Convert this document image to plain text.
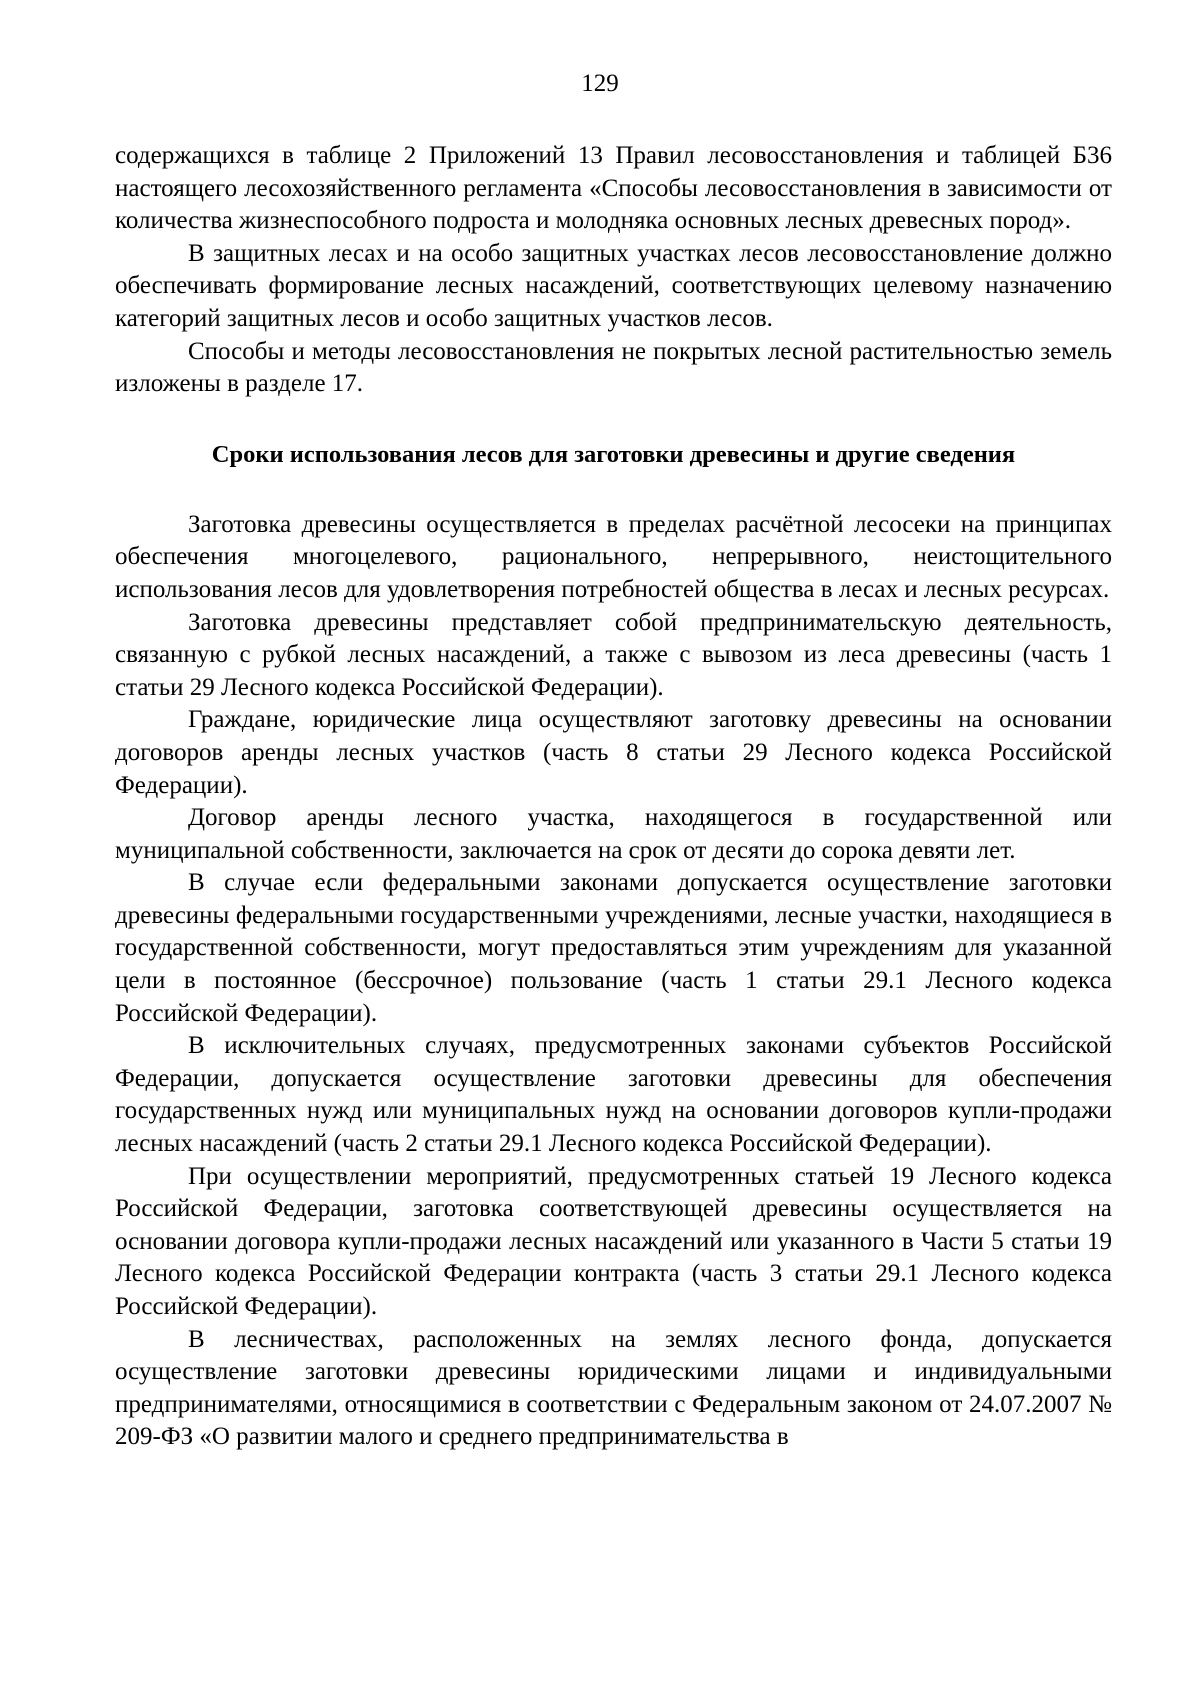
129

содержащихся в таблице 2 Приложений 13 Правил лесовосстановления и таблицей Б36 настоящего лесохозяйственного регламента «Способы лесовосстановления в зависимости от количества жизнеспособного подроста и молодняка основных лесных древесных пород».

В защитных лесах и на особо защитных участках лесов лесовосстановление должно обеспечивать формирование лесных насаждений, соответствующих целевому назначению категорий защитных лесов и особо защитных участков лесов.

Способы и методы лесовосстановления не покрытых лесной растительностью земель изложены в разделе 17.

Сроки использования лесов для заготовки древесины и другие сведения

Заготовка древесины осуществляется в пределах расчётной лесосеки на принципах обеспечения многоцелевого, рационального, непрерывного, неистощительного использования лесов для удовлетворения потребностей общества в лесах и лесных ресурсах.

Заготовка древесины представляет собой предпринимательскую деятельность, связанную с рубкой лесных насаждений, а также с вывозом из леса древесины (часть 1 статьи 29 Лесного кодекса Российской Федерации).

Граждане, юридические лица осуществляют заготовку древесины на основании договоров аренды лесных участков (часть 8 статьи 29 Лесного кодекса Российской Федерации).

Договор аренды лесного участка, находящегося в государственной или муниципальной собственности, заключается на срок от десяти до сорока девяти лет.

В случае если федеральными законами допускается осуществление заготовки древесины федеральными государственными учреждениями, лесные участки, находящиеся в государственной собственности, могут предоставляться этим учреждениям для указанной цели в постоянное (бессрочное) пользование (часть 1 статьи 29.1 Лесного кодекса Российской Федерации).

В исключительных случаях, предусмотренных законами субъектов Российской Федерации, допускается осуществление заготовки древесины для обеспечения государственных нужд или муниципальных нужд на основании договоров купли-продажи лесных насаждений (часть 2 статьи 29.1 Лесного кодекса Российской Федерации).

При осуществлении мероприятий, предусмотренных статьей 19 Лесного кодекса Российской Федерации, заготовка соответствующей древесины осуществляется на основании договора купли-продажи лесных насаждений или указанного в Части 5 статьи 19 Лесного кодекса Российской Федерации контракта (часть 3 статьи 29.1 Лесного кодекса Российской Федерации).

В лесничествах, расположенных на землях лесного фонда, допускается осуществление заготовки древесины юридическими лицами и индивидуальными предпринимателями, относящимися в соответствии с Федеральным законом от 24.07.2007 № 209-ФЗ «О развитии малого и среднего предпринимательства в
